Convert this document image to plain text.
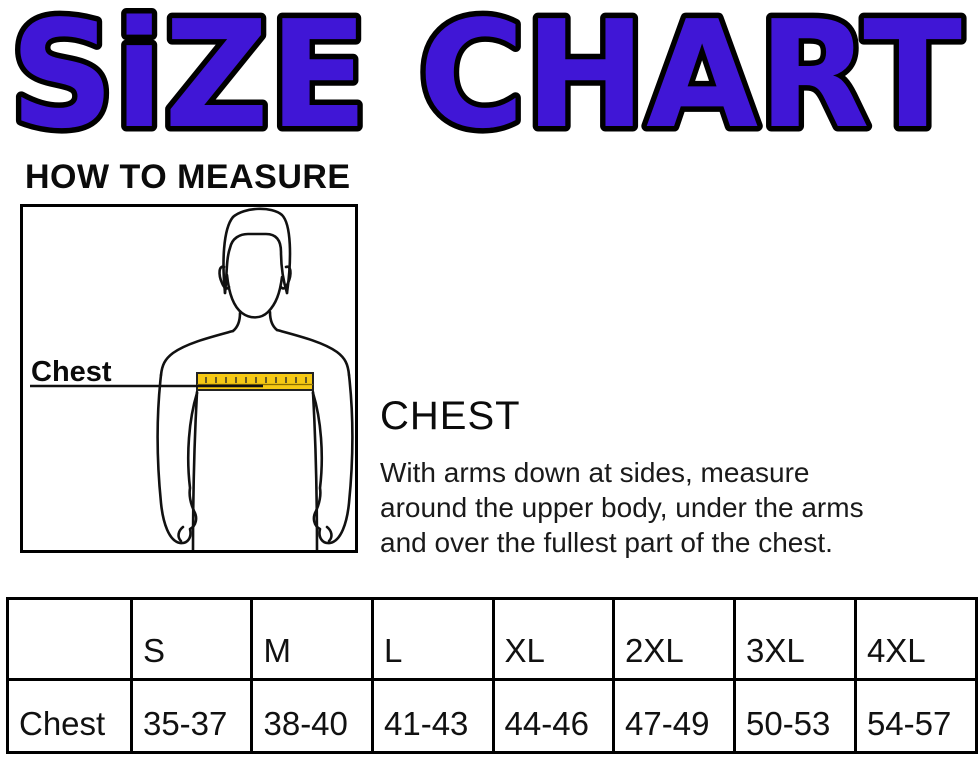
SiZE CHART
HOW TO MEASURE
Chest
CHEST
With arms down at sides, measure
around the upper body, under the arms
and over the fullest part of the chest.
	S	M	L	XL	2XL	3XL	4XL
Chest	35-37	38-40	41-43	44-46	47-49	50-53	54-57
